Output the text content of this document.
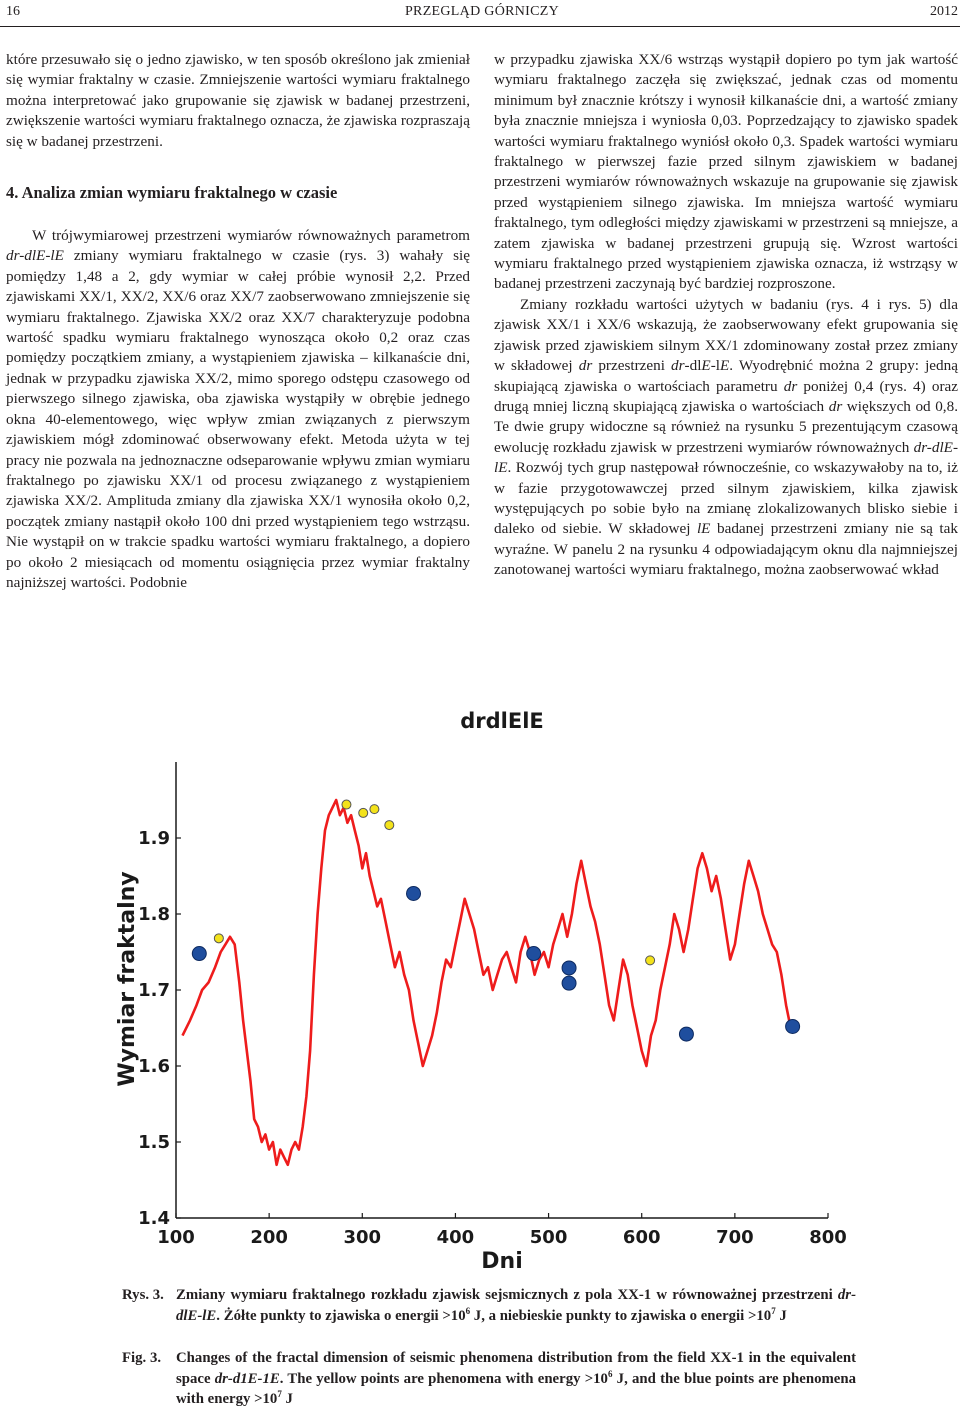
16	PRZEGLĄD GÓRNICZY	2012

które przesuwało się o jedno zjawisko, w ten sposób określono jak zmieniał się wymiar fraktalny w czasie. Zmniejszenie wartości wymiaru fraktalnego można interpretować jako grupowanie się zjawisk w badanej przestrzeni, zwiększenie wartości wymiaru fraktalnego oznacza, że zjawiska rozpraszają się w badanej przestrzeni.

4. Analiza zmian wymiaru fraktalnego w czasie

W trójwymiarowej przestrzeni wymiarów równoważnych parametrom dr-dlE-lE zmiany wymiaru fraktalnego w czasie (rys. 3) wahały się pomiędzy 1,48 a 2, gdy wymiar w całej próbie wynosił 2,2. Przed zjawiskami XX/1, XX/2, XX/6 oraz XX/7 zaobserwowano zmniejszenie się wymiaru fraktalnego. Zjawiska XX/2 oraz XX/7 charakteryzuje podobna wartość spadku wymiaru fraktalnego wynosząca około 0,2 oraz czas pomiędzy początkiem zmiany, a wystąpieniem zjawiska – kilkanaście dni, jednak w przypadku zjawiska XX/2, mimo sporego odstępu czasowego od pierwszego silnego zjawiska, oba zjawiska wystąpiły w obrębie jednego okna 40-elementowego, więc wpływ zmian związanych z pierwszym zjawiskiem mógł zdominować obserwowany efekt. Metoda użyta w tej pracy nie pozwala na jednoznaczne odseparowanie wpływu zmian wymiaru fraktalnego po zjawisku XX/1 od procesu związanego z wystąpieniem zjawiska XX/2. Amplituda zmiany dla zjawiska XX/1 wynosiła około 0,2, początek zmiany nastąpił około 100 dni przed wystąpieniem tego wstrząsu. Nie wystąpił on w trakcie spadku wartości wymiaru fraktalnego, a dopiero po około 2 miesiącach od momentu osiągnięcia przez wymiar fraktalny najniższej wartości. Podobnie

w przypadku zjawiska XX/6 wstrząs wystąpił dopiero po tym jak wartość wymiaru fraktalnego zaczęła się zwiększać, jednak czas od momentu minimum był znacznie krótszy i wynosił kilkanaście dni, a wartość zmiany była znacznie mniejsza i wyniosła 0,03. Poprzedzający to zjawisko spadek wartości wymiaru fraktalnego wyniósł około 0,3. Spadek wartości wymiaru fraktalnego w pierwszej fazie przed silnym zjawiskiem w badanej przestrzeni wymiarów równoważnych wskazuje na grupowanie się zjawisk przed wystąpieniem silnego zjawiska. Im mniejsza wartość wymiaru fraktalnego, tym odległości między zjawiskami w przestrzeni są mniejsze, a zatem zjawiska w badanej przestrzeni grupują się. Wzrost wartości wymiaru fraktalnego przed wystąpieniem zjawiska oznacza, iż wstrząsy w badanej przestrzeni zaczynają być bardziej rozproszone.

Zmiany rozkładu wartości użytych w badaniu (rys. 4 i rys. 5) dla zjawisk XX/1 i XX/6 wskazują, że zaobserwowany efekt grupowania się zjawisk przed zjawiskiem silnym XX/1 zdominowany został przez zmiany w składowej dr przestrzeni dr-dlE-lE. Wyodrębnić można 2 grupy: jedną skupiającą zjawiska o wartościach parametru dr poniżej 0,4 (rys. 4) oraz drugą mniej liczną skupiającą zjawiska o wartościach dr większych od 0,8. Te dwie grupy widoczne są również na rysunku 5 prezentującym czasową ewolucję rozkładu zjawisk w przestrzeni wymiarów równoważnych dr-dlE-lE. Rozwój tych grup następował równocześnie, co wskazywałoby na to, iż w fazie przygotowawczej przed silnym zjawiskiem, kilka zjawisk występujących po sobie było na zmianę zlokalizowanych blisko siebie i daleko od siebie. W składowej lE badanej przestrzeni zmiany nie są tak wyraźne. W panelu 2 na rysunku 4 odpowiadającym oknu dla najmniejszej zanotowanej wartości wymiaru fraktalnego, można zaobserwować wkład

drdlElE
Wymiar fraktalny
Dni
100	200	300	400	500	600	700	800
1.4
1.5
1.6
1.7
1.8
1.9
Rys. 3. Zmiany wymiaru fraktalnego rozkładu zjawisk sejsmicznych z pola XX-1 w równoważnej przestrzeni dr-dlE-lE. Żółte punkty to zjawiska o energii $>10^6$ J, a niebieskie punkty to zjawiska o energii $>10^7$ J
Fig. 3.	Changes of the fractal dimension of seismic phenomena distribution from the field XX-1 in the equivalent space dr-d1E-1E. The yellow points are phenomena with energy $>10^6$ J, and the blue points are phenomena with energy $>10^7$ J
